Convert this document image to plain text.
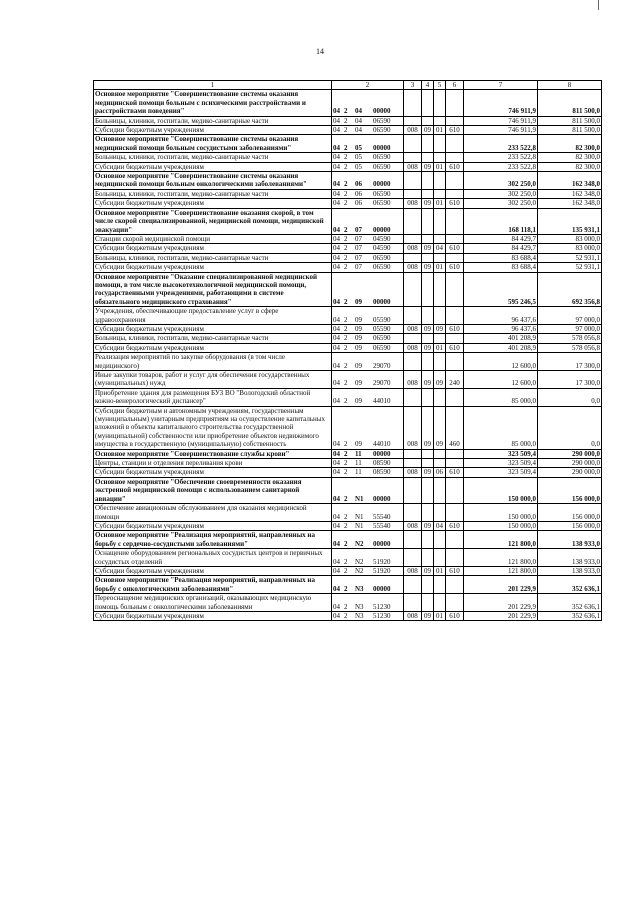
14
1	2	3	4	5	6	7	8
Основное мероприятие "Совершенствование системы оказания медицинской помощи больным с психическими расстройствами и расстройствами поведения"	04 2 04 00000					746 911,9	811 500,0
Больницы, клиники, госпитали, медико-санитарные части	04 2 04 06590					746 911,9	811 500,0
Субсидии бюджетным учреждениям	04 2 04 06590	008	09	01	610	746 911,9	811 500,0
Основное мероприятие "Совершенствование системы оказания медицинской помощи больным сосудистыми заболеваниями"	04 2 05 00000					233 522,8	82 300,0
Больницы, клиники, госпитали, медико-санитарные части	04 2 05 06590					233 522,8	82 300,0
Субсидии бюджетным учреждениям	04 2 05 06590	008	09	01	610	233 522,8	82 300,0
Основное мероприятие "Совершенствование системы оказания медицинской помощи больным онкологическими заболеваниями"	04 2 06 00000					302 250,0	162 348,0
Больницы, клиники, госпитали, медико-санитарные части	04 2 06 06590					302 250,0	162 348,0
Субсидии бюджетным учреждениям	04 2 06 06590	008	09	01	610	302 250,0	162 348,0
Основное мероприятие "Совершенствование оказания скорой, в том числе скорой специализированной, медицинской помощи, медицинской эвакуации"	04 2 07 00000					168 118,1	135 931,1
Станции скорой медицинской помощи	04 2 07 04590					84 429,7	83 000,0
Субсидии бюджетным учреждениям	04 2 07 04590	008	09	04	610	84 429,7	83 000,0
Больницы, клиники, госпитали, медико-санитарные части	04 2 07 06590					83 688,4	52 931,1
Субсидии бюджетным учреждениям	04 2 07 06590	008	09	01	610	83 688,4	52 931,1
Основное мероприятие "Оказание специализированной медицинской помощи, в том числе высокотехнологичной медицинской помощи, государственными учреждениями, работающими в системе обязательного медицинского страхования"	04 2 09 00000					595 246,5	692 356,8
Учреждения, обеспечивающие предоставление услуг в сфере здравоохранения	04 2 09 05590					96 437,6	97 000,0
Субсидии бюджетным учреждениям	04 2 09 05590	008	09	09	610	96 437,6	97 000,0
Больницы, клиники, госпитали, медико-санитарные части	04 2 09 06590					401 208,9	578 056,8
Субсидии бюджетным учреждениям	04 2 09 06590	008	09	01	610	401 208,9	578 056,8
Реализация мероприятий по закупке оборудования (в том числе медицинского)	04 2 09 29070					12 600,0	17 300,0
Иные закупки товаров, работ и услуг для обеспечения государственных (муниципальных) нужд	04 2 09 29070	008	09	09	240	12 600,0	17 300,0
Приобретение здания для размещения БУЗ ВО "Вологодский областной кожно-венерологический диспансер"	04 2 09 44010					85 000,0	0,0
Субсидии бюджетным и автономным учреждениям, государственным (муниципальным) унитарным предприятиям на осуществление капитальных вложений в объекты капитального строительства государственной (муниципальной) собственности или приобретение объектов недвижимого имущества в государственную (муниципальную) собственность	04 2 09 44010	008	09	09	460	85 000,0	0,0
Основное мероприятие "Совершенствование службы крови"	04 2 11 00000					323 509,4	290 000,0
Центры, станции и отделения переливания крови	04 2 11 08590					323 509,4	290 000,0
Субсидии бюджетным учреждениям	04 2 11 08590	008	09	06	610	323 509,4	290 000,0
Основное мероприятие "Обеспечение своевременности оказания экстренной медицинской помощи с использованием санитарной авиации"	04 2 N1 00000					150 000,0	156 000,0
Обеспечение авиационным обслуживанием для оказания медицинской помощи	04 2 N1 55540					150 000,0	156 000,0
Субсидии бюджетным учреждениям	04 2 N1 55540	008	09	04	610	150 000,0	156 000,0
Основное мероприятие "Реализация мероприятий, направленных на борьбу с сердечно-сосудистыми заболеваниями"	04 2 N2 00000					121 800,0	138 933,0
Оснащение оборудованием региональных сосудистых центров и первичных сосудистых отделений	04 2 N2 51920					121 800,0	138 933,0
Субсидии бюджетным учреждениям	04 2 N2 51920	008	09	01	610	121 800,0	138 933,0
Основное мероприятие "Реализация мероприятий, направленных на борьбу с онкологическими заболеваниями"	04 2 N3 00000					201 229,9	352 636,1
Переоснащение медицинских организаций, оказывающих медицинскую помощь больным с онкологическими заболеваниями	04 2 N3 51230					201 229,9	352 636,1
Субсидии бюджетным учреждениям	04 2 N3 51230	008	09	01	610	201 229,9	352 636,1
